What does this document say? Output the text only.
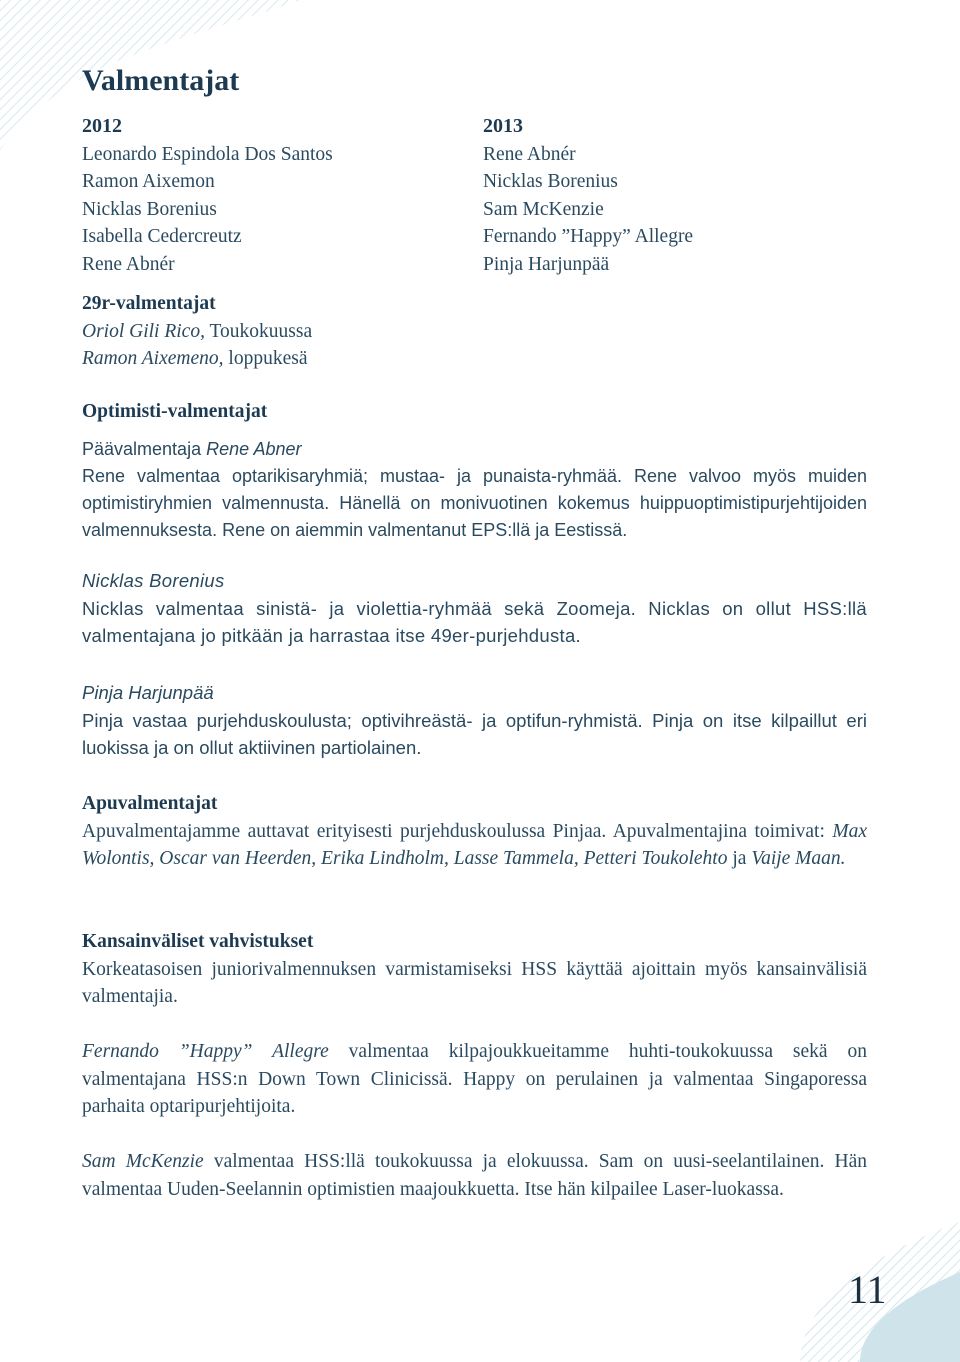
Valmentajat
2012
Leonardo Espindola Dos Santos
Ramon Aixemon
Nicklas Borenius
Isabella Cedercreutz
Rene Abnér
2013
Rene Abnér
Nicklas Borenius
Sam McKenzie
Fernando ”Happy” Allegre
Pinja Harjunpää
29r-valmentajat
Oriol Gili Rico, Toukokuussa
Ramon Aixemeno, loppukesä
Optimisti-valmentajat
Päävalmentaja Rene Abner

Rene valmentaa optarikisaryhmiä; mustaa- ja punaista-ryhmää. Rene valvoo myös muiden optimistiryhmien valmennusta. Hänellä on monivuotinen kokemus huippuoptimistipurjehtijoiden valmennuksesta. Rene on aiemmin valmentanut EPS:llä ja Eestissä.

Nicklas Borenius

Nicklas valmentaa sinistä- ja violettia-ryhmää sekä Zoomeja. Nicklas on ollut HSS:llä valmentajana jo pitkään ja harrastaa itse 49er-purjehdusta.

Pinja Harjunpää

Pinja vastaa purjehduskoulusta; optivihreästä- ja optifun-ryhmistä. Pinja on itse kilpaillut eri luokissa ja on ollut aktiivinen partiolainen.

Apuvalmentajat

Apuvalmentajamme auttavat erityisesti purjehduskoulussa Pinjaa. Apuvalmentajina toimivat: Max Wolontis, Oscar van Heerden, Erika Lindholm, Lasse Tammela, Petteri Toukolehto ja Vaije Maan.

Kansainväliset vahvistukset

Korkeatasoisen juniorivalmennuksen varmistamiseksi HSS käyttää ajoittain myös kansainvälisiä valmentajia.

Fernando ”Happy” Allegre valmentaa kilpajoukkueitamme huhti-toukokuussa sekä on valmentajana HSS:n Down Town Clinicissä. Happy on perulainen ja valmentaa Singaporessa parhaita optaripurjehtijoita.

Sam McKenzie valmentaa HSS:llä toukokuussa ja elokuussa. Sam on uusi-seelantilainen. Hän valmentaa Uuden-Seelannin optimistien maajoukkuetta. Itse hän kilpailee Laser-luokassa.

11
